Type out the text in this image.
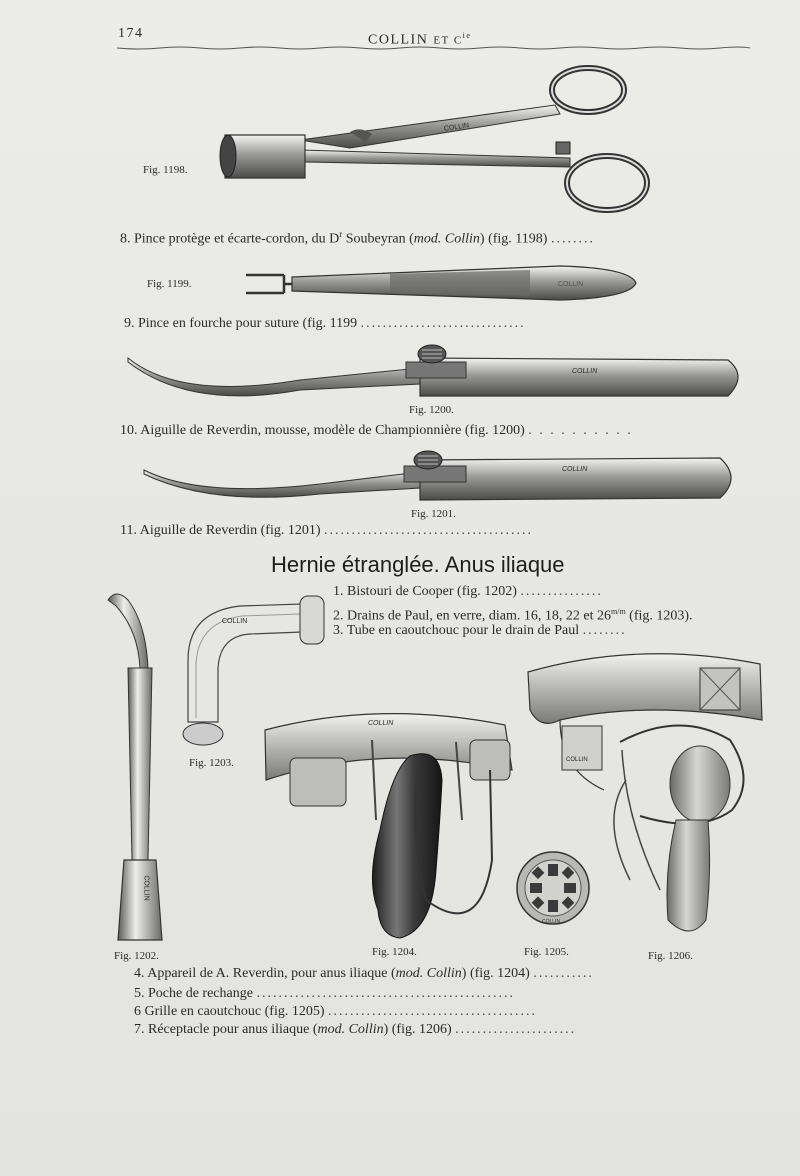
174	COLLIN ET $C^{ie}$
COLLIN
COLLIN
COLLIN
COLLIN
COLLIN
COLLIN
COLLIN
COLLIN
COLLIN
Fig. 1198.
Fig. 1199.
Fig. 1200.
Fig. 1201.
Fig. 1202.
Fig. 1203.
Fig. 1204.	Fig. 1205.	Fig. 1206.
8. Pince protège et écarte-cordon, du $D^r$ Soubeyran (mod. Collin) (fig. 1198) ........
9. Pince en fourche pour suture (fig. 1199 ..............................
10. Aiguille de Reverdin, mousse, modèle de Championnière (fig. 1200) . . . . . . . . . .
11. Aiguille de Reverdin (fig. 1201) ......................................
Hernie étranglée. Anus iliaque
1. Bistouri de Cooper (fig. 1202) ...............
2. Drains de Paul, en verre, diam. 16, 18, 22 et $26^{m/m}$ (fig. 1203).
3. Tube en caoutchouc pour le drain de Paul ........
4. Appareil de A. Reverdin, pour anus iliaque (mod. Collin) (fig. 1204) ...........
5. Poche de rechange ...............................................
6 Grille en caoutchouc (fig. 1205) ......................................
7. Réceptacle pour anus iliaque (mod. Collin) (fig. 1206) ......................
